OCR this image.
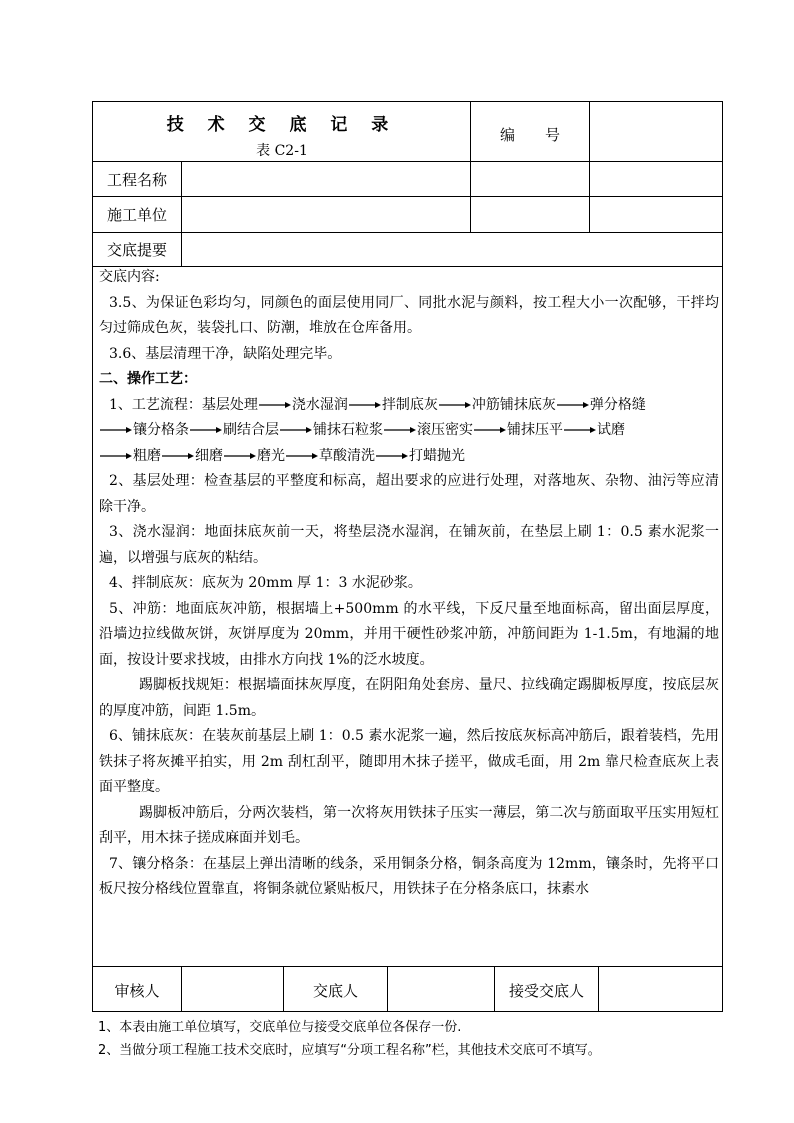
技 术 交 底 记 录
表 C2-1
编　　号
工程名称
施工单位
交底提要

交底内容:

3.5、为保证色彩均匀，同颜色的面层使用同厂、同批水泥与颜料，按工程大小一次配够，干拌均匀过筛成色灰，装袋扎口、防潮，堆放在仓库备用。

3.6、基层清理干净，缺陷处理完毕。

二、操作工艺：

1、工艺流程：基层处理 浇水湿润 拌制底灰 冲筋铺抹底灰 弹分格缝

镶分格条 刷结合层 铺抹石粒浆 滚压密实 铺抹压平 试磨

粗磨 细磨 磨光 草酸清洗 打蜡抛光

2、基层处理：检查基层的平整度和标高，超出要求的应进行处理，对落地灰、杂物、油污等应清除干净。

3、浇水湿润：地面抹底灰前一天，将垫层浇水湿润，在铺灰前，在垫层上刷 1：0.5 素水泥浆一遍，以增强与底灰的粘结。

4、拌制底灰：底灰为 20mm 厚 1：3 水泥砂浆。

5、冲筋：地面底灰冲筋，根据墙上+500mm 的水平线，下反尺量至地面标高，留出面层厚度，沿墙边拉线做灰饼，灰饼厚度为 20mm，并用干硬性砂浆冲筋，冲筋间距为 1-1.5m，有地漏的地面，按设计要求找坡，由排水方向找 1%的泛水坡度。

踢脚板找规矩：根据墙面抹灰厚度，在阴阳角处套房、量尺、拉线确定踢脚板厚度，按底层灰的厚度冲筋，间距 1.5m。

6、铺抹底灰：在装灰前基层上刷 1：0.5 素水泥浆一遍，然后按底灰标高冲筋后，跟着装档，先用铁抹子将灰摊平拍实，用 2m 刮杠刮平，随即用木抹子搓平，做成毛面，用 2m 靠尺检查底灰上表面平整度。

踢脚板冲筋后，分两次装档，第一次将灰用铁抹子压实一薄层，第二次与筋面取平压实用短杠刮平，用木抹子搓成麻面并划毛。

7、镶分格条：在基层上弹出清晰的线条，采用铜条分格，铜条高度为 12mm，镶条时，先将平口板尺按分格线位置靠直，将铜条就位紧贴板尺，用铁抹子在分格条底口，抹素水

审核人	交底人	接受交底人

1、本表由施工单位填写，交底单位与接受交底单位各保存一份.

2、当做分项工程施工技术交底时，应填写“分项工程名称”栏，其他技术交底可不填写。
